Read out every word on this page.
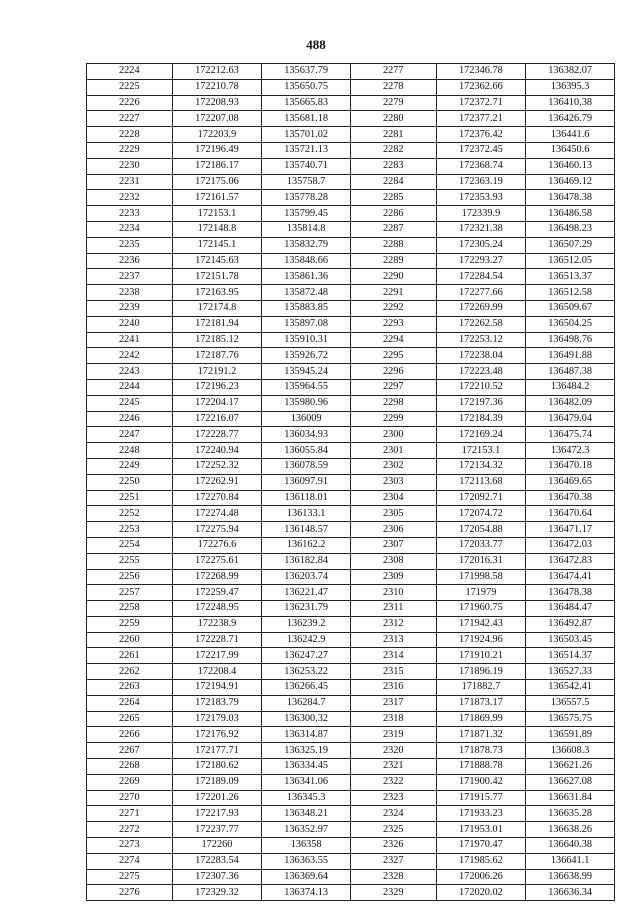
488
2224	172212.63	135637.79	2277	172346.78	136382.07
2225	172210.78	135650.75	2278	172362.66	136395.3
2226	172208.93	135665.83	2279	172372.71	136410.38
2227	172207.08	135681.18	2280	172377.21	136426.79
2228	172203.9	135701.02	2281	172376.42	136441.6
2229	172196.49	135721.13	2282	172372.45	136450.6
2230	172186.17	135740.71	2283	172368.74	136460.13
2231	172175.06	135758.7	2284	172363.19	136469.12
2232	172161.57	135778.28	2285	172353.93	136478.38
2233	172153.1	135799.45	2286	172339.9	136486.58
2234	172148.8	135814.8	2287	172321.38	136498.23
2235	172145.1	135832.79	2288	172305.24	136507.29
2236	172145.63	135848.66	2289	172293.27	136512.05
2237	172151.78	135861.36	2290	172284.54	136513.37
2238	172163.95	135872.48	2291	172277.66	136512.58
2239	172174.8	135883.85	2292	172269.99	136509.67
2240	172181.94	135897.08	2293	172262.58	136504.25
2241	172185.12	135910.31	2294	172253.12	136498.76
2242	172187.76	135926.72	2295	172238.04	136491.88
2243	172191.2	135945.24	2296	172223.48	136487.38
2244	172196.23	135964.55	2297	172210.52	136484.2
2245	172204.17	135980.96	2298	172197.36	136482.09
2246	172216.07	136009	2299	172184.39	136479.04
2247	172228.77	136034.93	2300	172169.24	136475.74
2248	172240.94	136055.84	2301	172153.1	136472.3
2249	172252.32	136078.59	2302	172134.32	136470.18
2250	172262.91	136097.91	2303	172113.68	136469.65
2251	172270.84	136118.01	2304	172092.71	136470.38
2252	172274.48	136133.1	2305	172074.72	136470.64
2253	172275.94	136148.57	2306	172054.88	136471.17
2254	172276.6	136162.2	2307	172033.77	136472.03
2255	172275.61	136182.84	2308	172016.31	136472.83
2256	172268.99	136203.74	2309	171998.58	136474.41
2257	172259.47	136221.47	2310	171979	136478.38
2258	172248.95	136231.79	2311	171960.75	136484.47
2259	172238.9	136239.2	2312	171942.43	136492.87
2260	172228.71	136242.9	2313	171924.96	136503.45
2261	172217.99	136247.27	2314	171910.21	136514.37
2262	172208.4	136253.22	2315	171896.19	136527.33
2263	172194.91	136266.45	2316	171882.7	136542.41
2264	172183.79	136284.7	2317	171873.17	136557.5
2265	172179.03	136300.32	2318	171869.99	136575.75
2266	172176.92	136314.87	2319	171871.32	136591.89
2267	172177.71	136325.19	2320	171878.73	136608.3
2268	172180.62	136334.45	2321	171888.78	136621.26
2269	172189.09	136341.06	2322	171900.42	136627.08
2270	172201.26	136345.3	2323	171915.77	136631.84
2271	172217.93	136348.21	2324	171933.23	136635.28
2272	172237.77	136352.97	2325	171953.01	136638.26
2273	172260	136358	2326	171970.47	136640.38
2274	172283.54	136363.55	2327	171985.62	136641.1
2275	172307.36	136369.64	2328	172006.26	136638.99
2276	172329.32	136374.13	2329	172020.02	136636.34
